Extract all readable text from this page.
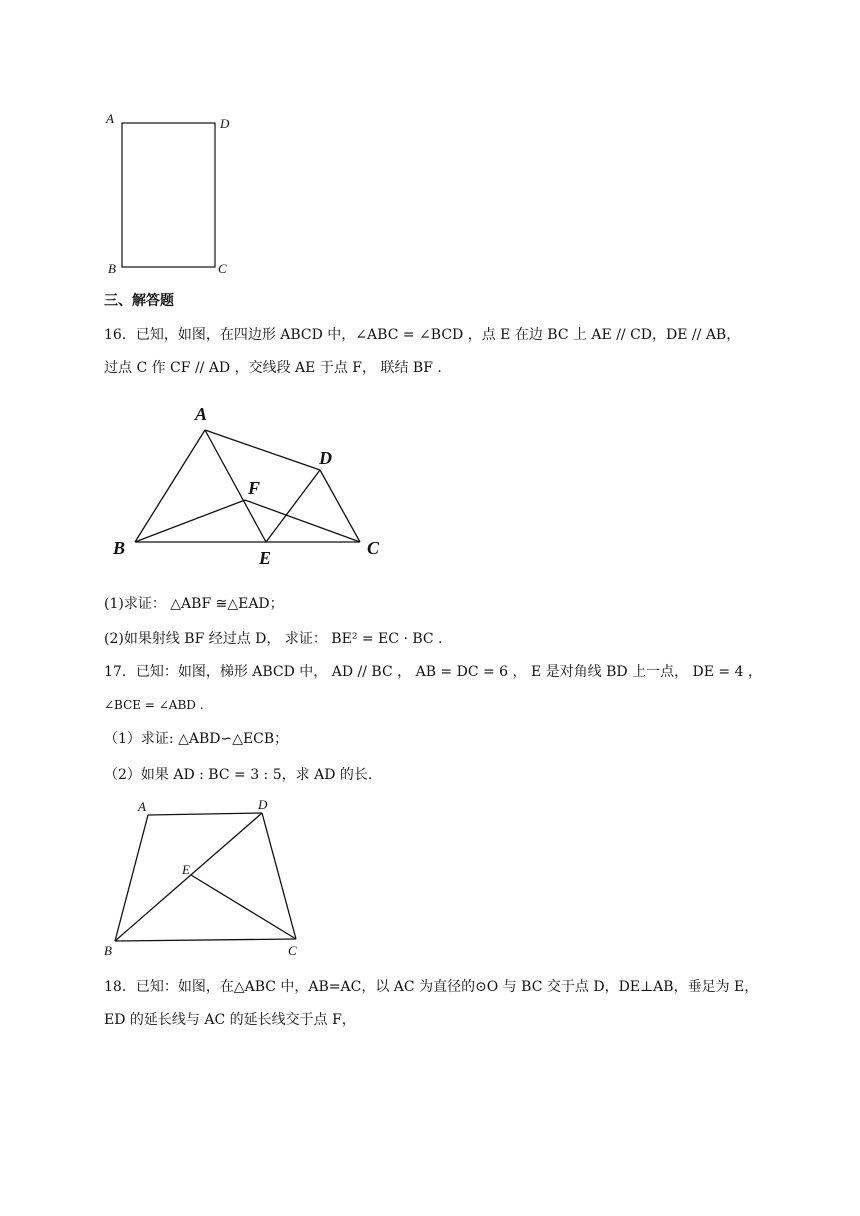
A	D
B	C
三、解答题
16．已知，如图，在四边形 ABCD 中，∠ABC = ∠BCD ，点 E 在边 BC 上 AE // CD，DE // AB，
过点 C 作 CF // AD ，交线段 AE 于点 F， 联结 BF .
A
D
F
B	E	C
(1)求证： △ABF ≅△EAD；
(2)如果射线 BF 经过点 D， 求证： BE² = EC · BC .
17．已知：如图，梯形 ABCD 中， AD // BC ， AB = DC = 6 ， E 是对角线 BD 上一点， DE = 4 ，
∠BCE = ∠ABD .
（1）求证: △ABD∽△ECB；
（2）如果 AD : BC = 3 : 5，求 AD 的长.
A	D
E
B	C
18．已知：如图，在△ABC 中，AB=AC，以 AC 为直径的⊙O 与 BC 交于点 D，DE⊥AB，垂足为 E，
ED 的延长线与 AC 的延长线交于点 F，
